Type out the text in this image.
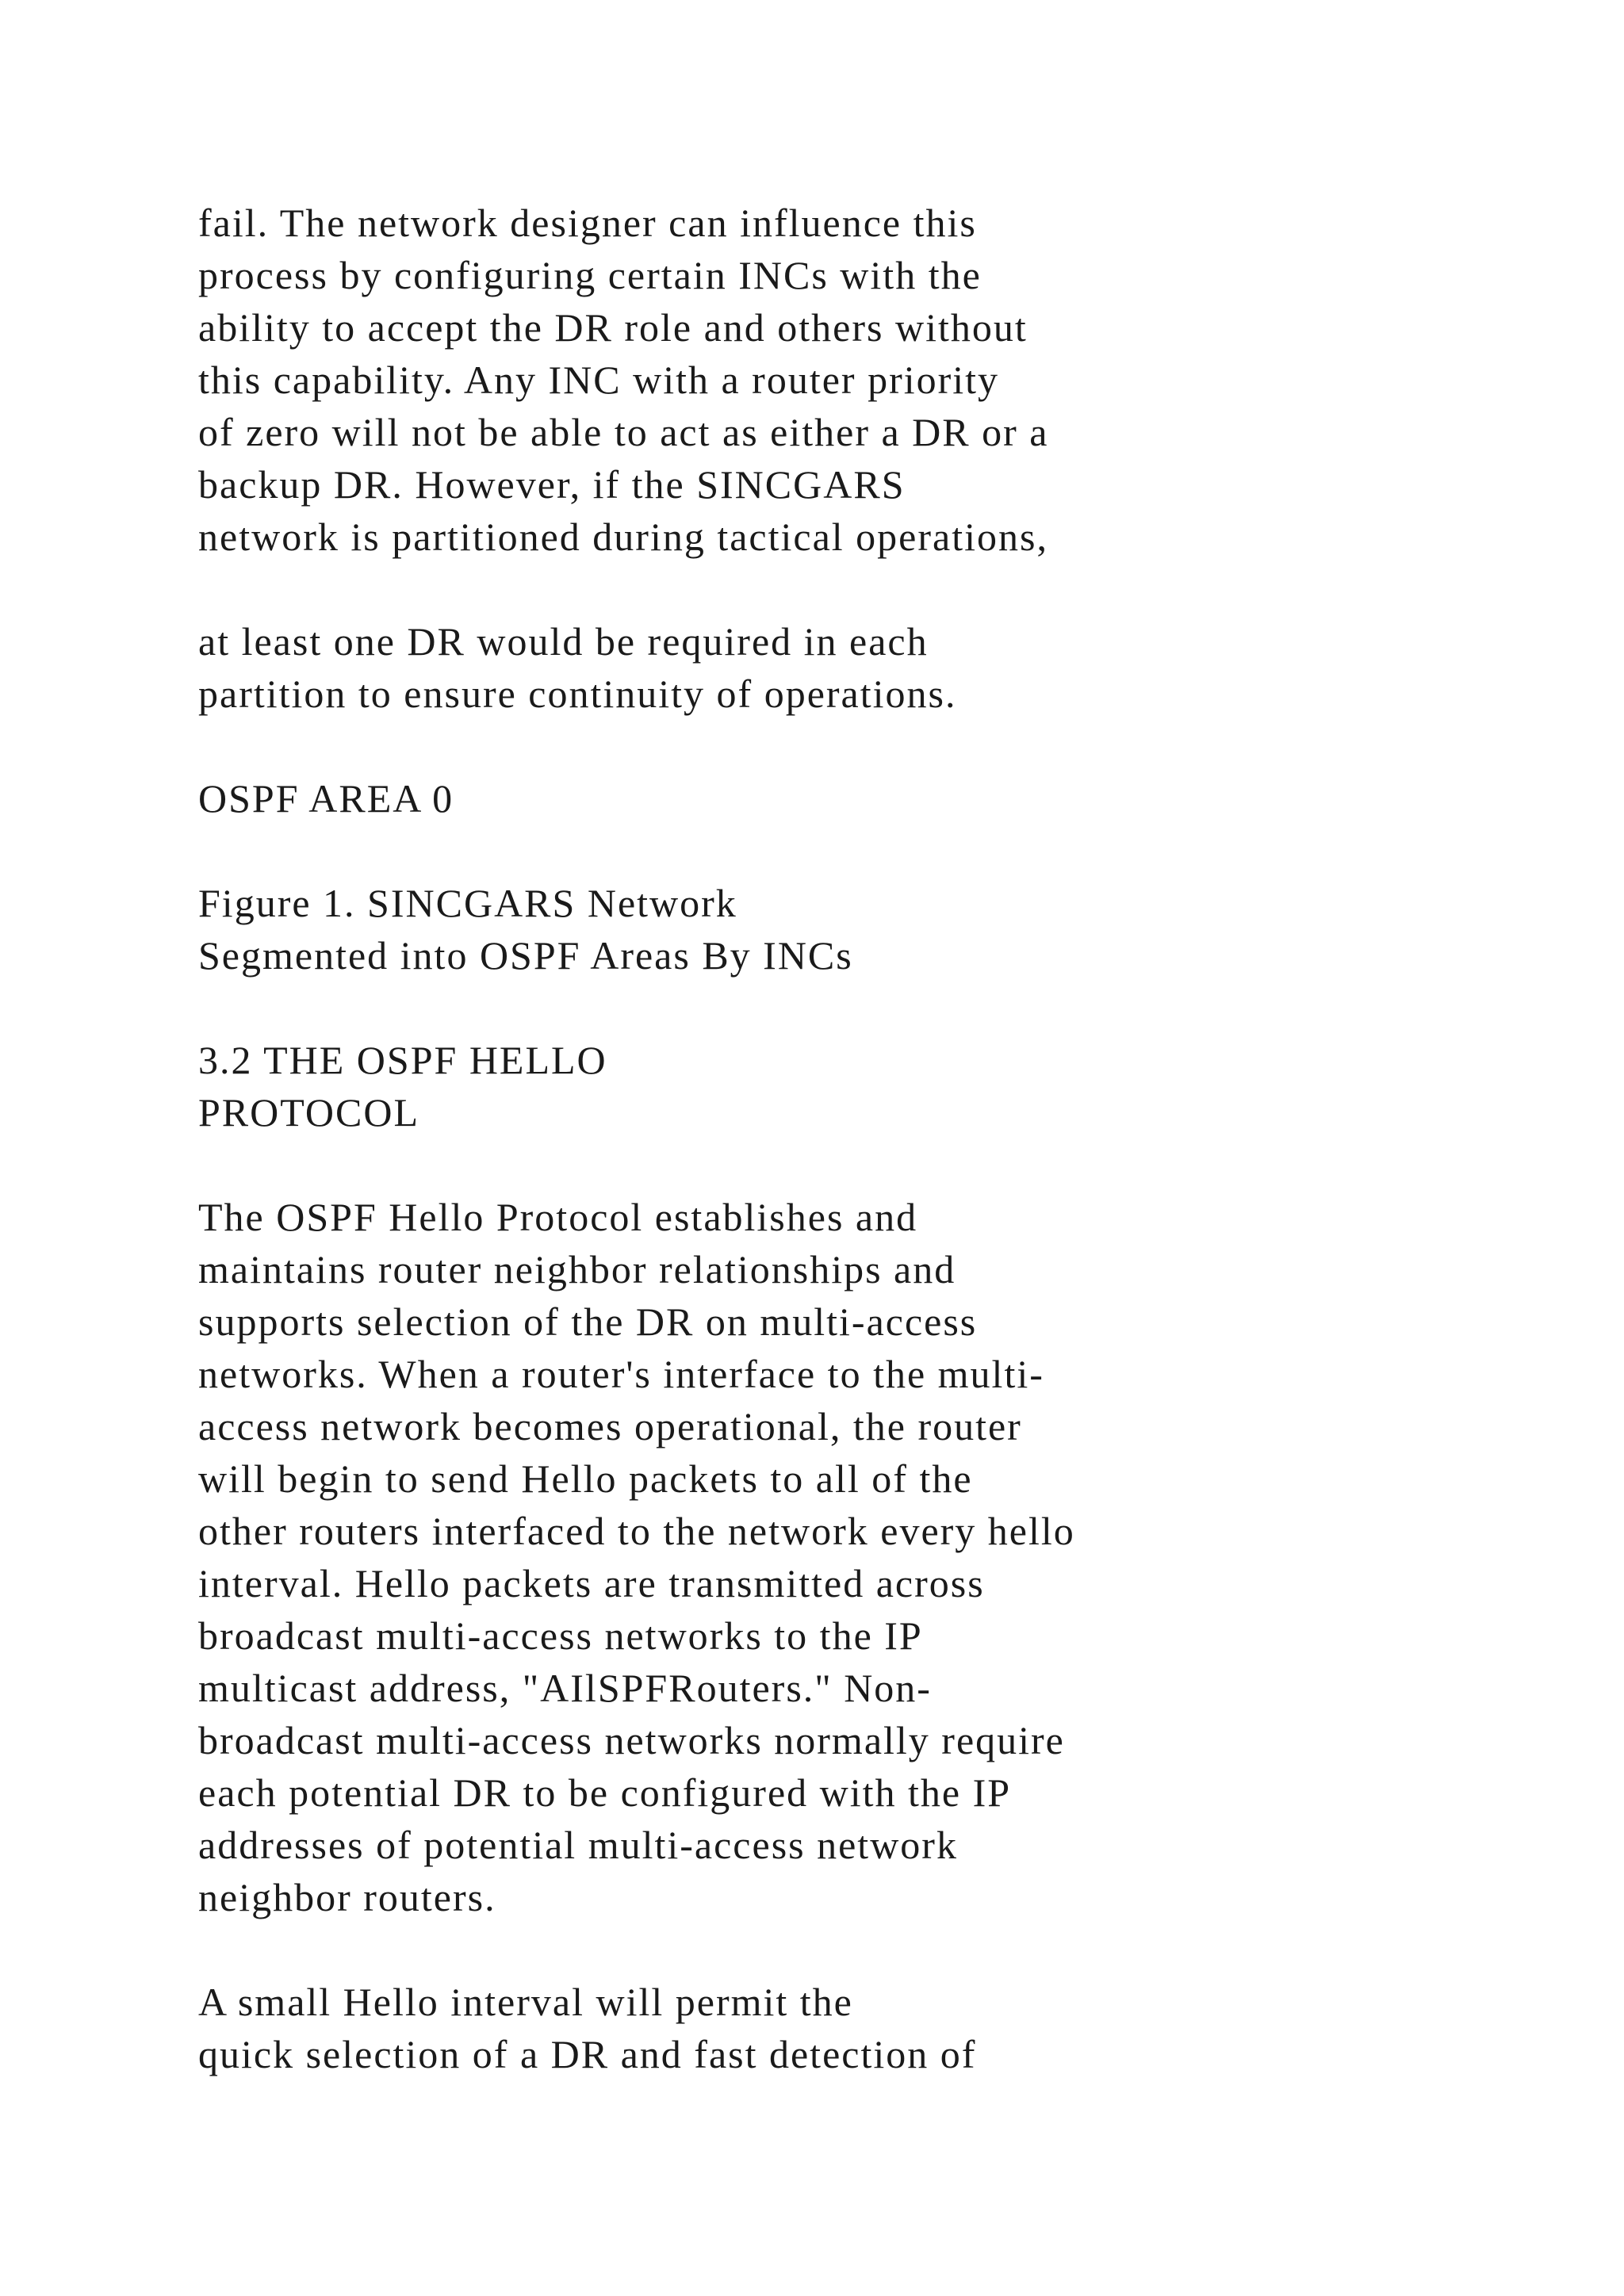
fail. The network designer can influence this
process by configuring certain INCs with the
ability to accept the DR role and others without
this capability. Any INC with a router priority
of zero will not be able to act as either a DR or a
backup DR. However, if the SINCGARS
network is partitioned during tactical operations,

at least one DR would be required in each
partition to ensure continuity of operations.

OSPF AREA 0

Figure 1. SINCGARS Network
Segmented into OSPF Areas By INCs

3.2 THE OSPF HELLO
PROTOCOL

The OSPF Hello Protocol establishes and
maintains router neighbor relationships and
supports selection of the DR on multi-access
networks. When a router's interface to the multi-
access network becomes operational, the router
will begin to send Hello packets to all of the
other routers interfaced to the network every hello
interval. Hello packets are transmitted across
broadcast multi-access networks to the IP
multicast address, "AIlSPFRouters." Non-
broadcast multi-access networks normally require
each potential DR to be configured with the IP
addresses of potential multi-access network
neighbor routers.

A small Hello interval will permit the
quick selection of a DR and fast detection of
